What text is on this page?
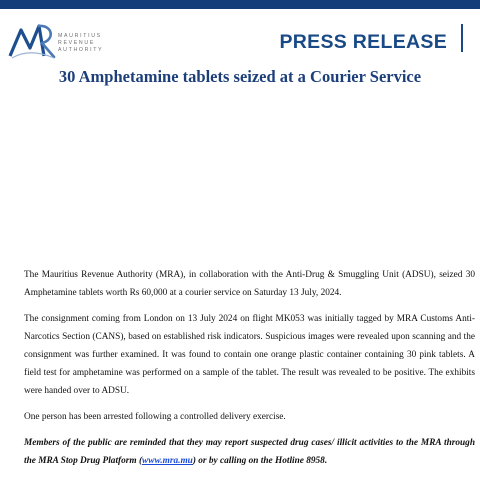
MAURITIUS
REVENUE
AUTHORITY	PRESS RELEASE
30 Amphetamine tablets seized at a Courier Service

The Mauritius Revenue Authority (MRA), in collaboration with the Anti-Drug & Smuggling Unit (ADSU), seized 30 Amphetamine tablets worth Rs 60,000 at a courier service on Saturday 13 July, 2024.

The consignment coming from London on 13 July 2024 on flight MK053 was initially tagged by MRA Customs Anti-Narcotics Section (CANS), based on established risk indicators. Suspicious images were revealed upon scanning and the consignment was further examined. It was found to contain one orange plastic container containing 30 pink tablets. A field test for amphetamine was performed on a sample of the tablet. The result was revealed to be positive. The exhibits were handed over to ADSU.

One person has been arrested following a controlled delivery exercise.

Members of the public are reminded that they may report suspected drug cases/ illicit activities to the MRA through the MRA Stop Drug Platform (www.mra.mu) or by calling on the Hotline 8958.
